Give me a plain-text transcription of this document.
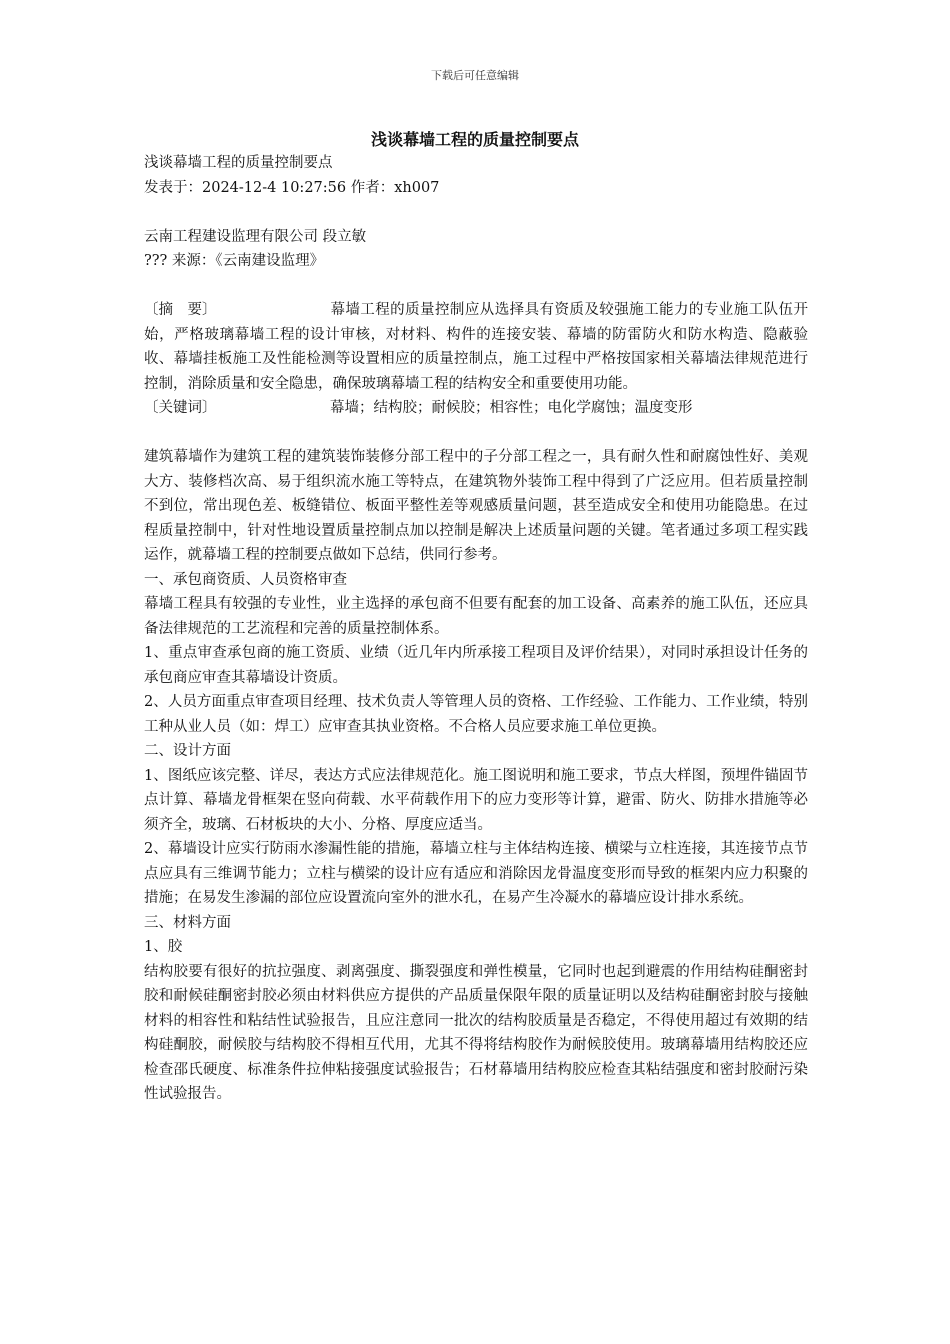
下载后可任意编辑
浅谈幕墙工程的质量控制要点

浅谈幕墙工程的质量控制要点

发表于：2024-12-4 10:27:56 作者：xh007

云南工程建设监理有限公司 段立敏

??? 来源：《云南建设监理》

〔摘　要〕	幕墙工程的质量控制应从选择具有资质及较强施工能力的专业施工队伍开始，严格玻璃幕墙工程的设计审核，对材料、构件的连接安装、幕墙的防雷防火和防水构造、隐蔽验收、幕墙挂板施工及性能检测等设置相应的质量控制点，施工过程中严格按国家相关幕墙法律规范进行控制，消除质量和安全隐患，确保玻璃幕墙工程的结构安全和重要使用功能。

〔关键词〕	幕墙；结构胶；耐候胶；相容性；电化学腐蚀；温度变形

建筑幕墙作为建筑工程的建筑装饰装修分部工程中的子分部工程之一，具有耐久性和耐腐蚀性好、美观大方、装修档次高、易于组织流水施工等特点，在建筑物外装饰工程中得到了广泛应用。但若质量控制不到位，常出现色差、板缝错位、板面平整性差等观感质量问题，甚至造成安全和使用功能隐患。在过程质量控制中，针对性地设置质量控制点加以控制是解决上述质量问题的关键。笔者通过多项工程实践运作，就幕墙工程的控制要点做如下总结，供同行参考。

一、承包商资质、人员资格审查

幕墙工程具有较强的专业性，业主选择的承包商不但要有配套的加工设备、高素养的施工队伍，还应具备法律规范的工艺流程和完善的质量控制体系。

1、重点审查承包商的施工资质、业绩（近几年内所承接工程项目及评价结果），对同时承担设计任务的承包商应审查其幕墙设计资质。

2、人员方面重点审查项目经理、技术负责人等管理人员的资格、工作经验、工作能力、工作业绩，特别工种从业人员（如：焊工）应审查其执业资格。不合格人员应要求施工单位更换。

二、设计方面

1、图纸应该完整、详尽，表达方式应法律规范化。施工图说明和施工要求，节点大样图，预埋件锚固节点计算、幕墙龙骨框架在竖向荷载、水平荷载作用下的应力变形等计算，避雷、防火、防排水措施等必须齐全，玻璃、石材板块的大小、分格、厚度应适当。

2、幕墙设计应实行防雨水渗漏性能的措施，幕墙立柱与主体结构连接、横梁与立柱连接，其连接节点节点应具有三维调节能力；立柱与横梁的设计应有适应和消除因龙骨温度变形而导致的框架内应力积聚的措施；在易发生渗漏的部位应设置流向室外的泄水孔，在易产生冷凝水的幕墙应设计排水系统。

三、材料方面

1、胶

结构胶要有很好的抗拉强度、剥离强度、撕裂强度和弹性模量，它同时也起到避震的作用结构硅酮密封胶和耐候硅酮密封胶必须由材料供应方提供的产品质量保限年限的质量证明以及结构硅酮密封胶与接触材料的相容性和粘结性试验报告，且应注意同一批次的结构胶质量是否稳定，不得使用超过有效期的结构硅酮胶，耐候胶与结构胶不得相互代用，尤其不得将结构胶作为耐候胶使用。玻璃幕墙用结构胶还应检查邵氏硬度、标准条件拉伸粘接强度试验报告；石材幕墙用结构胶应检查其粘结强度和密封胶耐污染性试验报告。
